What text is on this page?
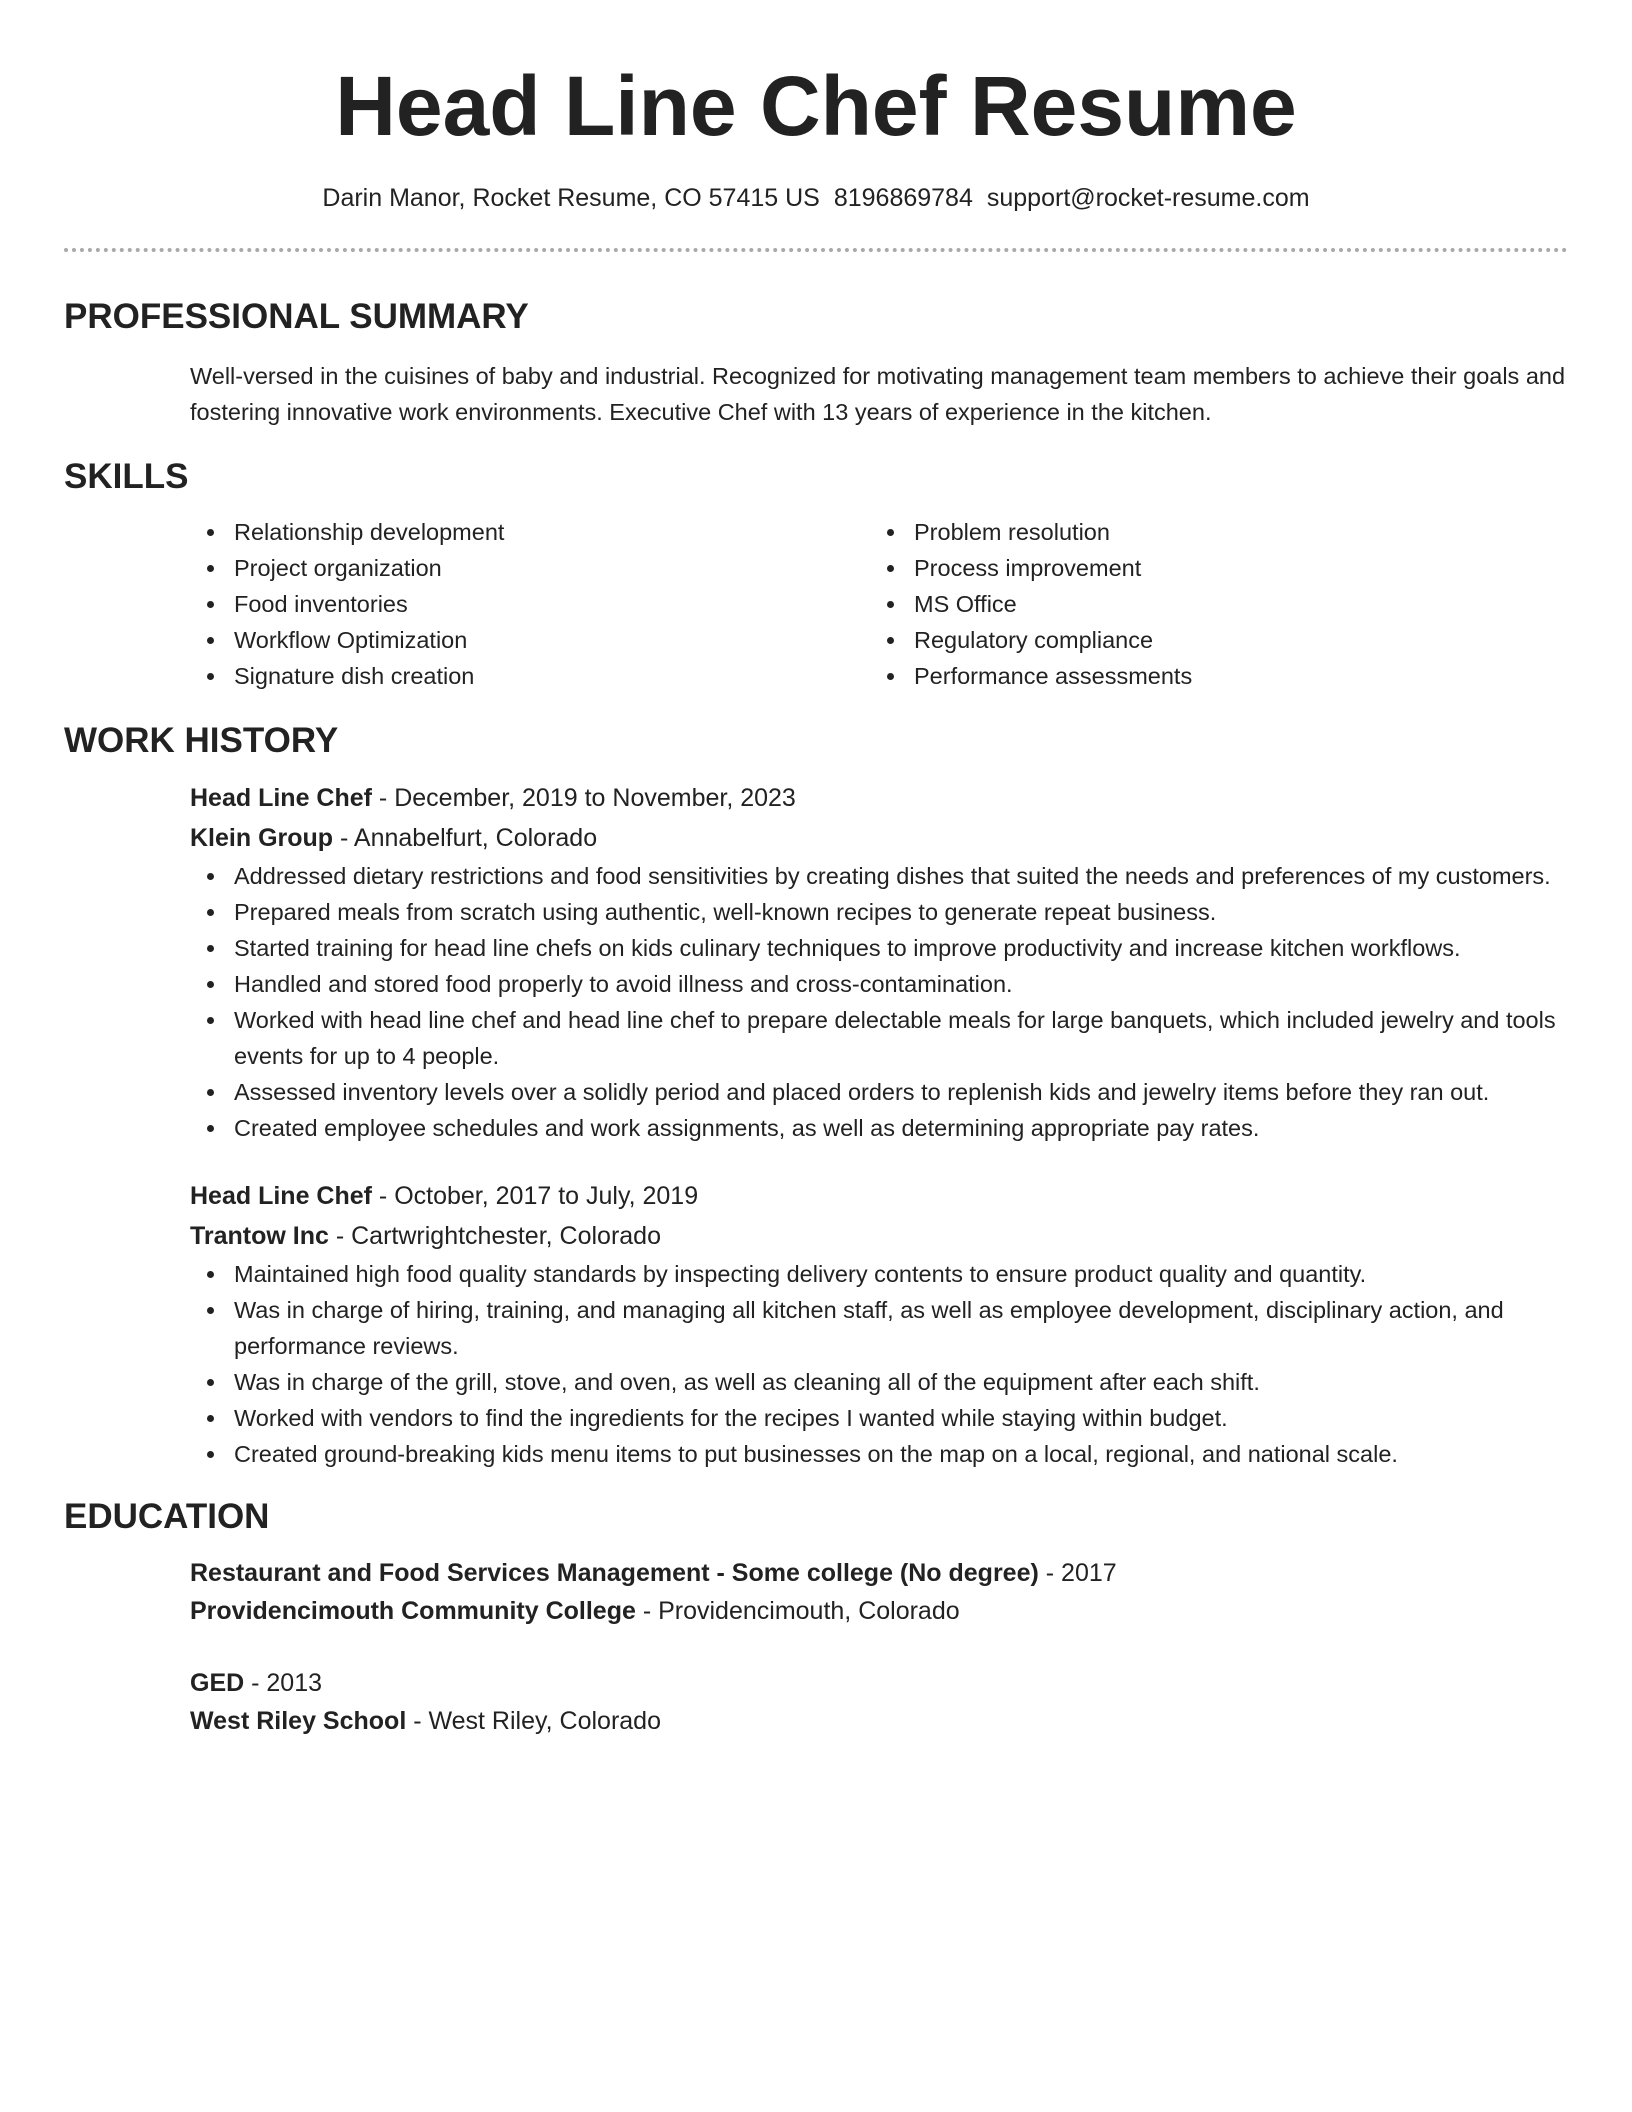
Head Line Chef Resume
Darin Manor, Rocket Resume, CO 57415 US 8196869784 support@rocket-resume.com
PROFESSIONAL SUMMARY
Well-versed in the cuisines of baby and industrial. Recognized for motivating management team members to achieve their goals and fostering innovative work environments. Executive Chef with 13 years of experience in the kitchen.
SKILLS
Relationship development
Project organization
Food inventories
Workflow Optimization
Signature dish creation
Problem resolution
Process improvement
MS Office
Regulatory compliance
Performance assessments
WORK HISTORY
Head Line Chef - December, 2019 to November, 2023
Klein Group - Annabelfurt, Colorado
Addressed dietary restrictions and food sensitivities by creating dishes that suited the needs and preferences of my customers.
Prepared meals from scratch using authentic, well-known recipes to generate repeat business.
Started training for head line chefs on kids culinary techniques to improve productivity and increase kitchen workflows.
Handled and stored food properly to avoid illness and cross-contamination.
Worked with head line chef and head line chef to prepare delectable meals for large banquets, which included jewelry and tools events for up to 4 people.
Assessed inventory levels over a solidly period and placed orders to replenish kids and jewelry items before they ran out.
Created employee schedules and work assignments, as well as determining appropriate pay rates.
Head Line Chef - October, 2017 to July, 2019
Trantow Inc - Cartwrightchester, Colorado
Maintained high food quality standards by inspecting delivery contents to ensure product quality and quantity.
Was in charge of hiring, training, and managing all kitchen staff, as well as employee development, disciplinary action, and performance reviews.
Was in charge of the grill, stove, and oven, as well as cleaning all of the equipment after each shift.
Worked with vendors to find the ingredients for the recipes I wanted while staying within budget.
Created ground-breaking kids menu items to put businesses on the map on a local, regional, and national scale.
EDUCATION
Restaurant and Food Services Management - Some college (No degree) - 2017
Providencimouth Community College - Providencimouth, Colorado
GED - 2013
West Riley School - West Riley, Colorado
